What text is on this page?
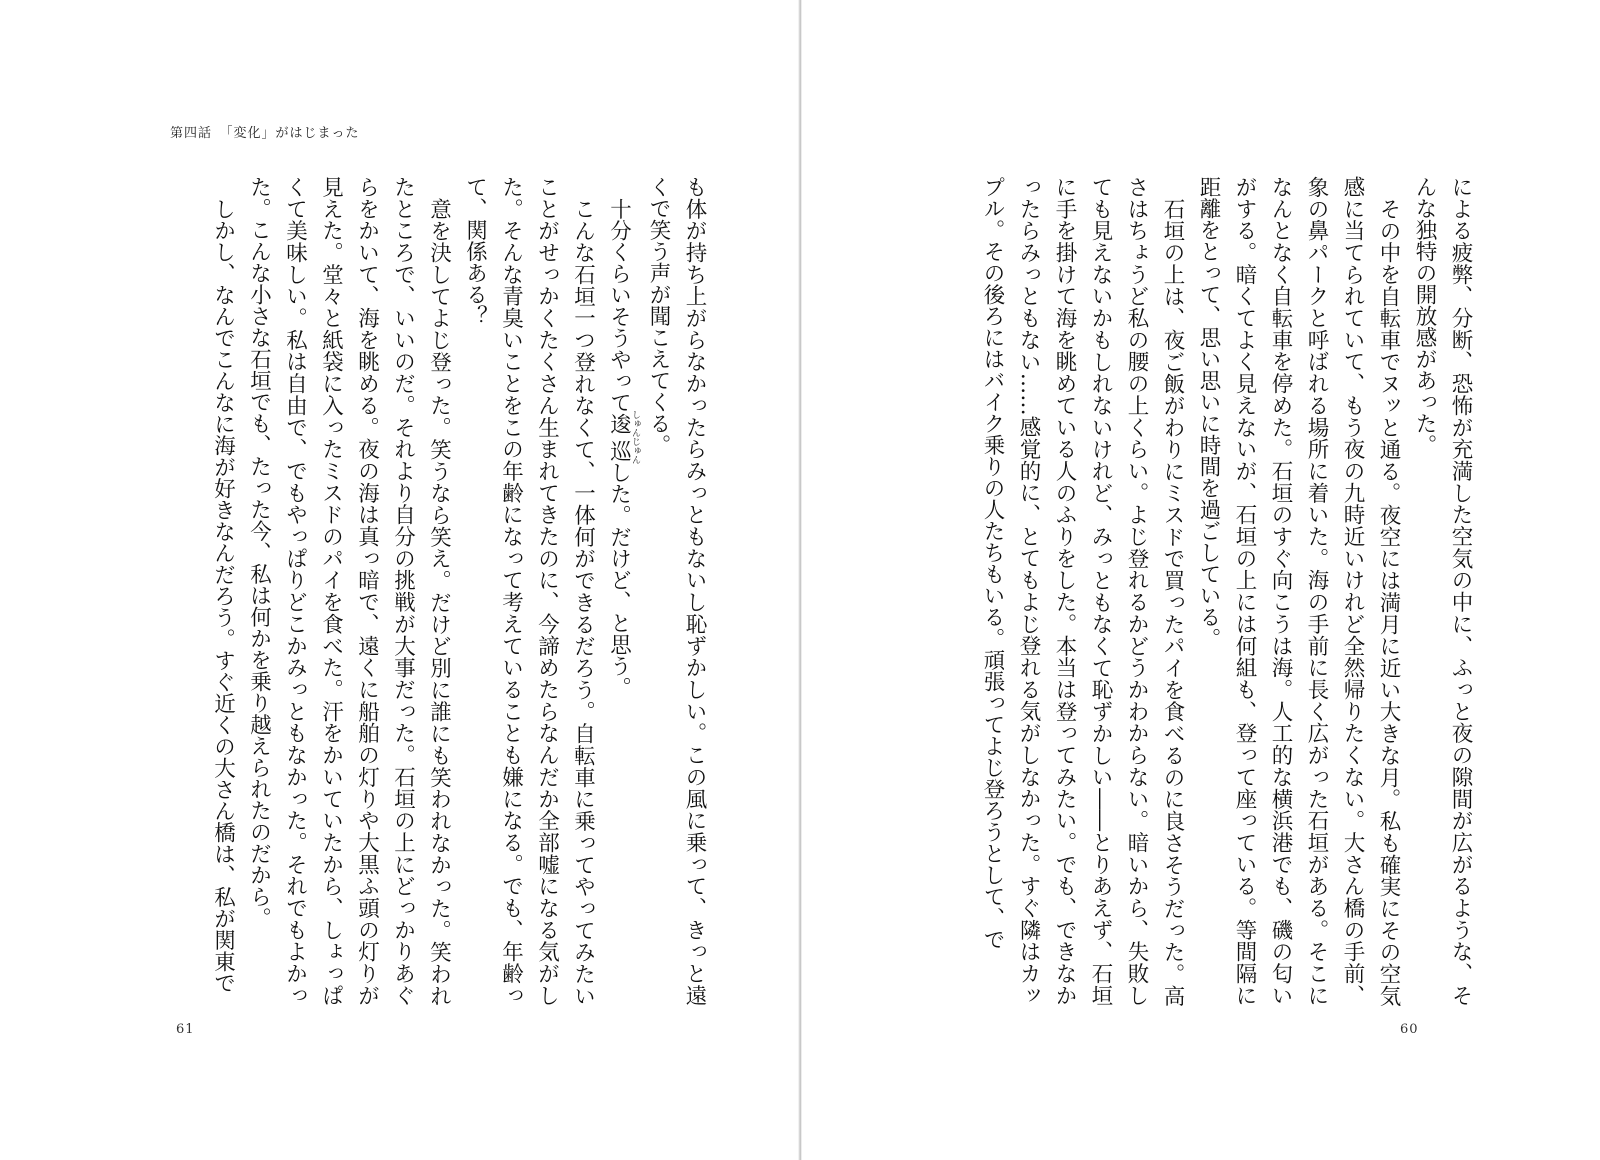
第四話　「変化」がはじまった

も体が持ち上がらなかったらみっともないし恥ずかしい。この風に乗って、きっと遠くで笑う声が聞こえてくる。

十分くらいそうやって逡巡しゅんじゅんした。だけど、と思う。

こんな石垣一つ登れなくて、一体何ができるだろう。自転車に乗ってやってみたいことがせっかくたくさん生まれてきたのに、今諦めたらなんだか全部嘘になる気がした。そんな青臭いことをこの年齢になって考えていることも嫌になる。でも、年齢って、関係ある？

意を決してよじ登った。笑うなら笑え。だけど別に誰にも笑われなかった。笑われたところで、いいのだ。それより自分の挑戦が大事だった。石垣の上にどっかりあぐらをかいて、海を眺める。夜の海は真っ暗で、遠くに船舶の灯りや大黒ふ頭の灯りが見えた。堂々と紙袋に入ったミスドのパイを食べた。汗をかいていたから、しょっぱくて美味しい。私は自由で、でもやっぱりどこかみっともなかった。それでもよかった。こんな小さな石垣でも、たった今、私は何かを乗り越えられたのだから。

しかし、なんでこんなに海が好きなんだろう。すぐ近くの大さん橋は、私が関東で

61

による疲弊、分断、恐怖が充満した空気の中に、ふっと夜の隙間が広がるような、そんな独特の開放感があった。

その中を自転車でヌッと通る。夜空には満月に近い大きな月。私も確実にその空気感に当てられていて、もう夜の九時近いけれど全然帰りたくない。大さん橋の手前、象の鼻パークと呼ばれる場所に着いた。海の手前に長く広がった石垣がある。そこになんとなく自転車を停めた。石垣のすぐ向こうは海。人工的な横浜港でも、磯の匂いがする。暗くてよく見えないが、石垣の上には何組も、登って座っている。等間隔に距離をとって、思い思いに時間を過ごしている。

石垣の上は、夜ご飯がわりにミスドで買ったパイを食べるのに良さそうだった。高さはちょうど私の腰の上くらい。よじ登れるかどうかわからない。暗いから、失敗しても見えないかもしれないけれど、みっともなくて恥ずかしい――とりあえず、石垣に手を掛けて海を眺めている人のふりをした。本当は登ってみたい。でも、できなかったらみっともない……感覚的に、とてもよじ登れる気がしなかった。すぐ隣はカップル。その後ろにはバイク乗りの人たちもいる。頑張ってよじ登ろうとして、で

60
